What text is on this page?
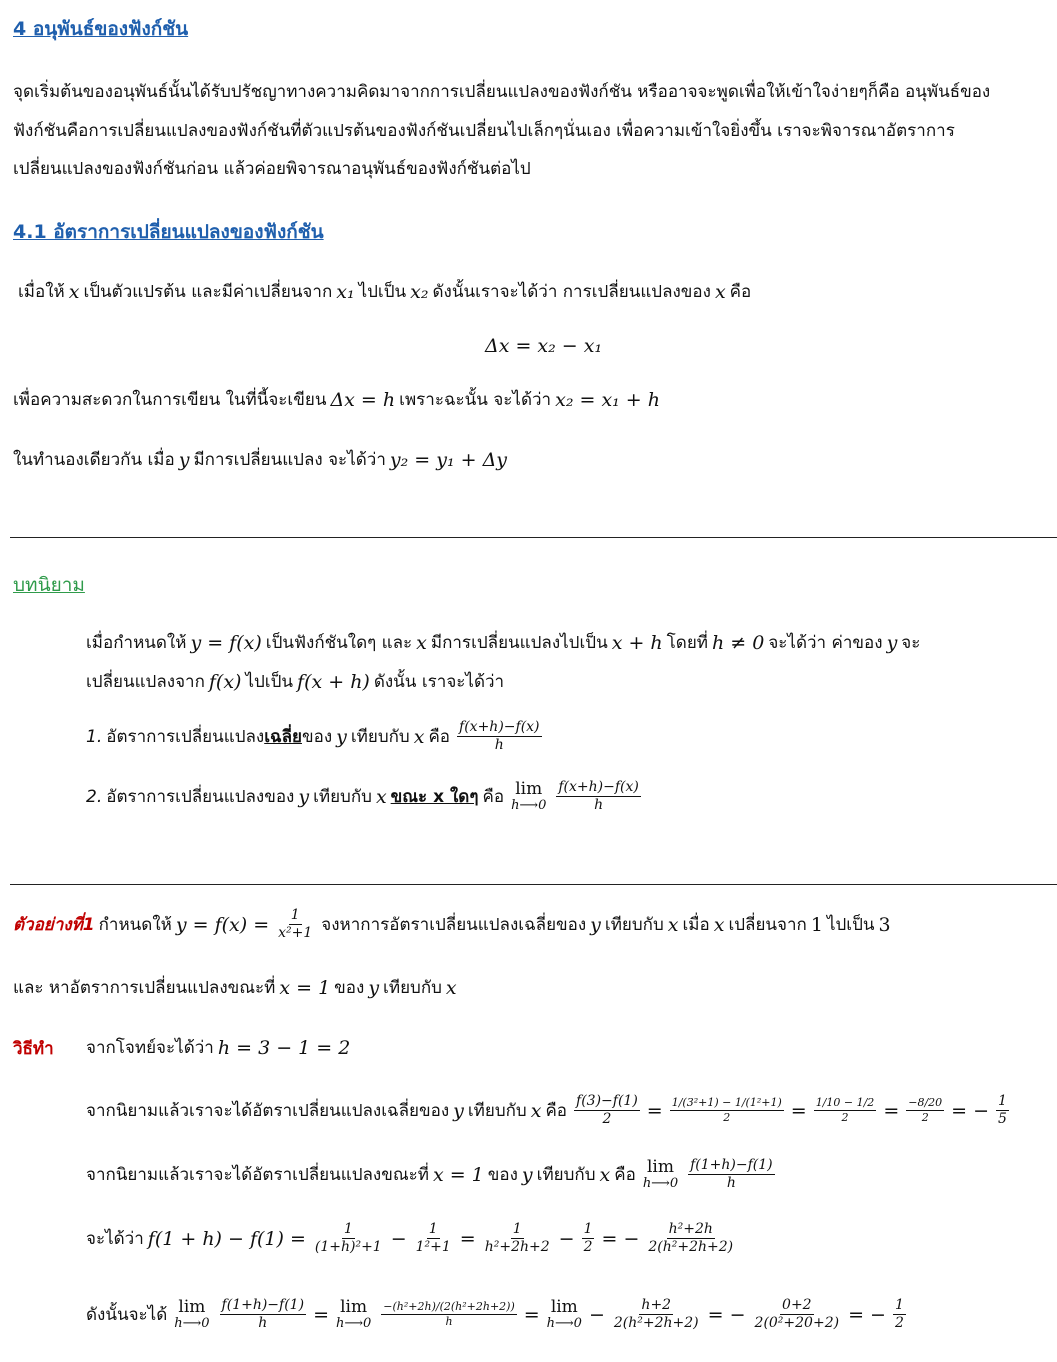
4 อนุพันธ์ของฟังก์ชัน
จุดเริ่มต้นของอนุพันธ์นั้นได้รับปรัชญาทางความคิดมาจากการเปลี่ยนแปลงของฟังก์ชัน หรืออาจจะพูดเพื่อให้เข้าใจง่ายๆก็คือ อนุพันธ์ของ
ฟังก์ชันคือการเปลี่ยนแปลงของฟังก์ชันที่ตัวแปรต้นของฟังก์ชันเปลี่ยนไปเล็กๆนั่นเอง เพื่อความเข้าใจยิ่งขึ้น เราจะพิจารณาอัตราการ
เปลี่ยนแปลงของฟังก์ชันก่อน แล้วค่อยพิจารณาอนุพันธ์ของฟังก์ชันต่อไป
4.1 อัตราการเปลี่ยนแปลงของฟังก์ชัน
เมื่อให้ x เป็นตัวแปรต้น และมีค่าเปลี่ยนจาก x₁ ไปเป็น x₂ ดังนั้นเราจะได้ว่า การเปลี่ยนแปลงของ x คือ
Δx = x₂ − x₁
เพื่อความสะดวกในการเขียน ในที่นี้จะเขียน Δx = h เพราะฉะนั้น จะได้ว่า x₂ = x₁ + h
ในทำนองเดียวกัน เมื่อ y มีการเปลี่ยนแปลง จะได้ว่า y₂ = y₁ + Δy
บทนิยาม
เมื่อกำหนดให้ y = f(x) เป็นฟังก์ชันใดๆ และ x มีการเปลี่ยนแปลงไปเป็น x + h โดยที่ h ≠ 0 จะได้ว่า ค่าของ y จะ
เปลี่ยนแปลงจาก f(x) ไปเป็น f(x + h) ดังนั้น เราจะได้ว่า
1. อัตราการเปลี่ยนแปลง เฉลี่ย ของ y เทียบกับ x คือ $\frac{f(x+h)-f(x)}{h}$
2. อัตราการเปลี่ยนแปลงของ y เทียบกับ x ขณะ x ใดๆ คือ lim
h⟶0 $\frac{f(x+h)-f(x)}{h}$
ตัวอย่างที่1 กำหนดให้ $y = f(x) = \frac{1}{\text{x²+1}}$ จงหาการอัตราเปลี่ยนแปลงเฉลี่ยของ y เทียบกับ x เมื่อ x เปลี่ยนจาก 1 ไปเป็น 3
และ หาอัตราการเปลี่ยนแปลงขณะที่ x = 1 ของ y เทียบกับ x
วิธีทำ จากโจทย์จะได้ว่า h = 3 − 1 = 2
จากนิยามแล้วเราจะได้อัตราเปลี่ยนแปลงเฉลี่ยของ y เทียบกับ x คือ $\frac{f(3)-f(1)}{2} = \frac{\text{1/(3²+1) − 1/(1²+1)}}{2} = \frac{1/10 - 1/2}{2} = \frac{-8/20}{2}$ = − $\frac{1}{5}$
จากนิยามแล้วเราจะได้อัตราเปลี่ยนแปลงขณะที่ x = 1 ของ y เทียบกับ x คือ lim
h⟶0 $\frac{f(1+h)-f(1)}{h}$
จะได้ว่า $f(1 + h) - f(1) = \frac{1}{\text{(1+h)²+1}} - \frac{1}{\text{1²+1}} = \frac{1}{\text{h²+2h+2}} - \frac{1}{2}$ = − $\frac{\text{h²+2h}}{\text{2(h²+2h+2)}}$
ดังนั้นจะได้ lim
h⟶0 $\frac{f(1+h)-f(1)}{h} = \lim$
h⟶0 $\frac{\text{−(h²+2h)/(2(h²+2h+2))}}{h} = \lim$
h⟶0 − $\frac{h+2}{\text{2(h²+2h+2)}}$ = − $\frac{0+2}{\text{2(0²+20+2)}}$ = − $\frac{1}{2}$
